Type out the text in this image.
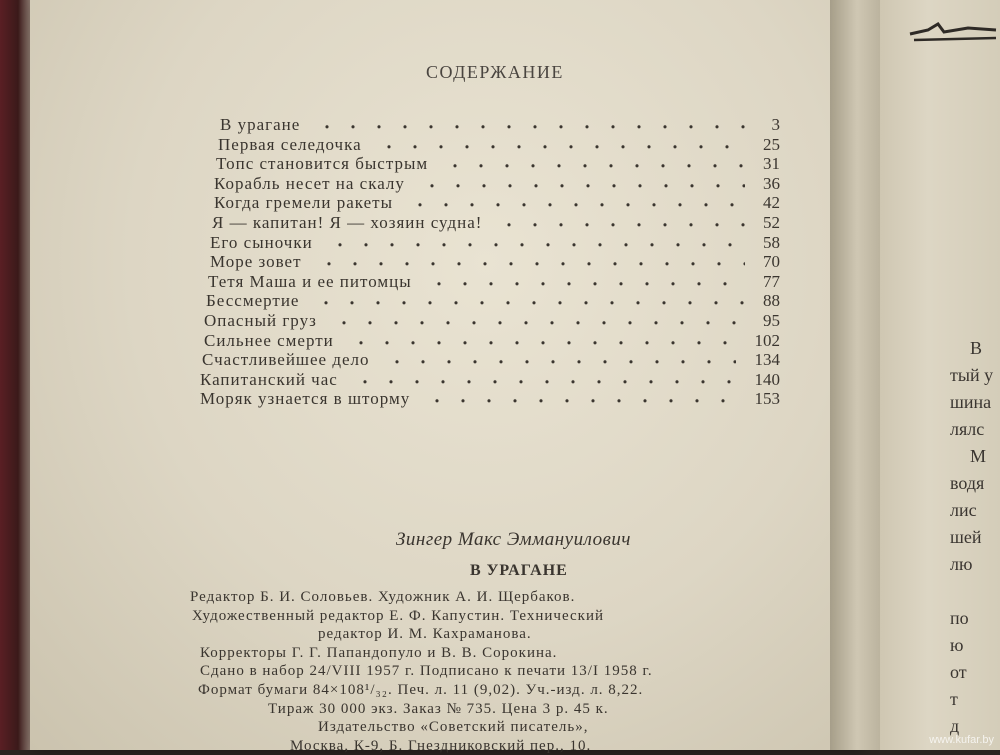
СОДЕРЖАНИЕ
В урагане	3
Первая селедочка	25
Топс становится быстрым	31
Корабль несет на скалу	36
Когда гремели ракеты	42
Я — капитан! Я — хозяин судна!	52
Его сыночки	58
Море зовет	70
Тетя Маша и ее питомцы	77
Бессмертие	88
Опасный груз	95
Сильнее смерти	102
Счастливейшее дело	134
Капитанский час	140
Моряк узнается в шторму	153
Зингер Макс Эммануилович
В УРАГАНЕ
Редактор Б. И. Соловьев. Художник А. И. Щербаков.
Художественный редактор Е. Ф. Капустин. Технический
редактор И. М. Кахраманова.
Корректоры Г. Г. Папандопуло и В. В. Сорокина.
Сдано в набор 24/VIII 1957 г. Подписано к печати 13/I 1958 г.
Формат бумаги 84×108¹/₃₂. Печ. л. 11 (9,02). Уч.-изд. л. 8,22.
Тираж 30 000 экз. Заказ № 735. Цена 3 р. 45 к.
Издательство «Советский писатель»,
Москва, К-9, Б. Гнездниковский пер., 10.
В
тый у
шина
лялс
М
водя
лис
шей
лю
по
ю
от
т
д
www.kufar.by
